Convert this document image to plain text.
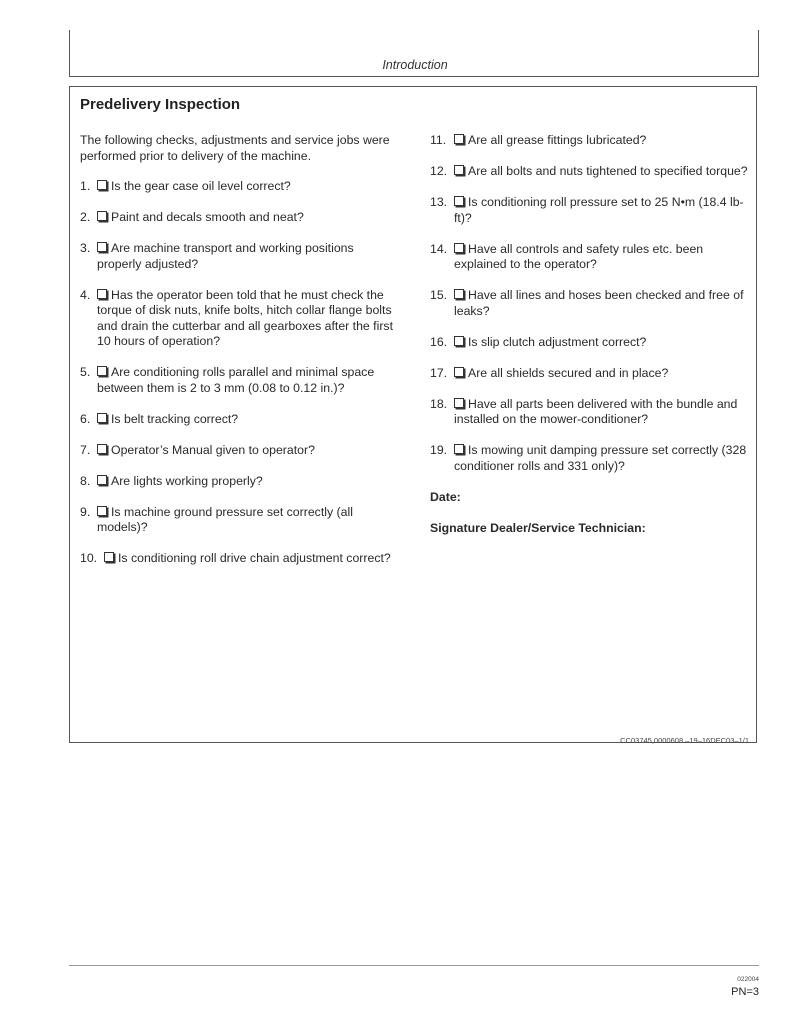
Introduction
Predelivery Inspection

The following checks, adjustments and service jobs were performed prior to delivery of the machine.

1.	Is the gear case oil level correct?
2.	Paint and decals smooth and neat?
3.	Are machine transport and working positions properly adjusted?
4.	Has the operator been told that he must check the torque of disk nuts, knife bolts, hitch collar flange bolts and drain the cutterbar and all gearboxes after the first 10 hours of operation?
5.	Are conditioning rolls parallel and minimal space between them is 2 to 3 mm (0.08 to 0.12 in.)?
6.	Is belt tracking correct?
7.	Operator’s Manual given to operator?
8.	Are lights working properly?
9.	Is machine ground pressure set correctly (all models)?
10.	Is conditioning roll drive chain adjustment correct?
11.	Are all grease fittings lubricated?
12.	Are all bolts and nuts tightened to specified torque?
13.	Is conditioning roll pressure set to 25 N•m (18.4 lb-ft)?
14.	Have all controls and safety rules etc. been explained to the operator?
15.	Have all lines and hoses been checked and free of leaks?
16.	Is slip clutch adjustment correct?
17.	Are all shields secured and in place?
18.	Have all parts been delivered with the bundle and installed on the mower-conditioner?
19.	Is mowing unit damping pressure set correctly (328 conditioner rolls and 331 only)?
Date:
Signature Dealer/Service Technician:
CC03745,0000608 –19–16DEC03–1/1
022004
PN=3
